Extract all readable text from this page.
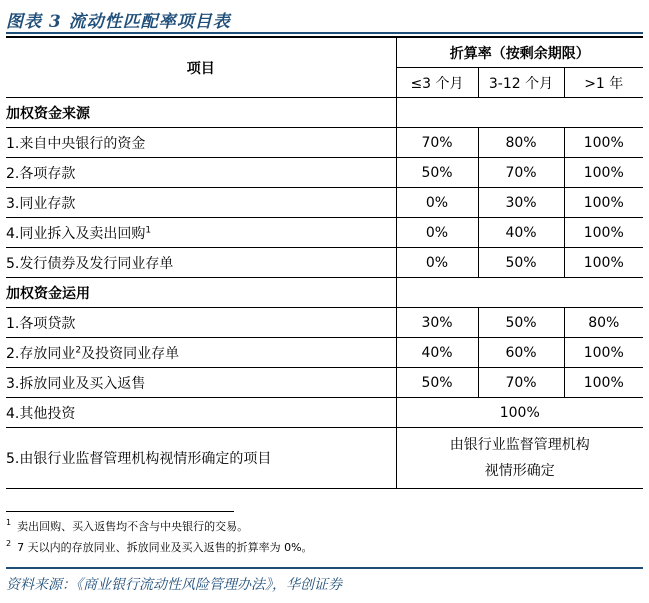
图表 3 流动性匹配率项目表
项目	折算率（按剩余期限）		
	≤3 个月	3-12 个月	>1 年
加权资金来源			
1.来自中央银行的资金	70%	80%	100%
2.各项存款	50%	70%	100%
3.同业存款	0%	30%	100%
4.同业拆入及卖出回购$^1$	0%	40%	100%
5.发行债券及发行同业存单	0%	50%	100%
加权资金运用			
1.各项贷款	30%	50%	80%
2.存放同业$^2$及投资同业存单	40%	60%	100%
3.拆放同业及买入返售	50%	70%	100%
4.其他投资	100%		
5.由银行业监督管理机构视情形确定的项目	由银行业监督管理机构
视情形确定		
$^1$ 卖出回购、买入返售均不含与中央银行的交易。
$^2$ 7 天以内的存放同业、拆放同业及买入返售的折算率为 0%。
资料来源：《商业银行流动性风险管理办法》，华创证券
